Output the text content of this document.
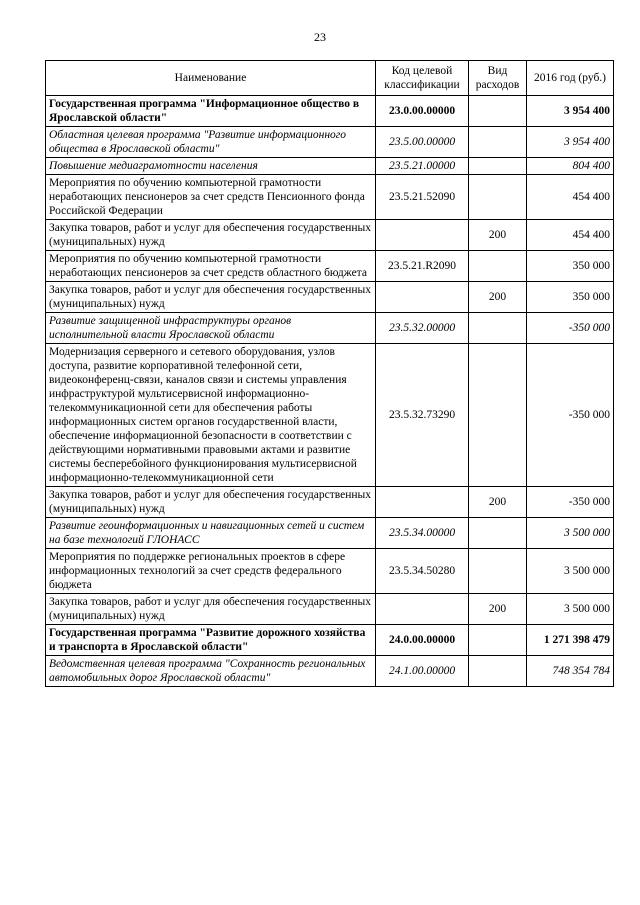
23
Наименование	Код целевой классификации	Вид расходов	2016 год (руб.)
Государственная программа "Информационное общество в Ярославской области"	23.0.00.00000		3 954 400
Областная целевая программа "Развитие информационного общества в Ярославской области"	23.5.00.00000		3 954 400
Повышение медиаграмотности населения	23.5.21.00000		804 400
Мероприятия по обучению компьютерной грамотности неработающих пенсионеров за счет средств Пенсионного фонда Российской Федерации	23.5.21.52090		454 400
Закупка товаров, работ и услуг для обеспечения государственных (муниципальных) нужд		200	454 400
Мероприятия по обучению компьютерной грамотности неработающих пенсионеров за счет средств областного бюджета	23.5.21.R2090		350 000
Закупка товаров, работ и услуг для обеспечения государственных (муниципальных) нужд		200	350 000
Развитие защищенной инфраструктуры органов исполнительной власти Ярославской области	23.5.32.00000		-350 000
Модернизация серверного и сетевого оборудования, узлов доступа, развитие корпоративной телефонной сети, видеоконференц-связи, каналов связи и системы управления инфраструктурой мультисервисной информационно-телекоммуникационной сети для обеспечения работы информационных систем органов государственной власти, обеспечение информационной безопасности в соответствии с действующими нормативными правовыми актами и развитие системы бесперебойного функционирования мультисервисной информационно-телекоммуникационной сети	23.5.32.73290		-350 000
Закупка товаров, работ и услуг для обеспечения государственных (муниципальных) нужд		200	-350 000
Развитие геоинформационных и навигационных сетей и систем на базе технологий ГЛОНАСС	23.5.34.00000		3 500 000
Мероприятия по поддержке региональных проектов в сфере информационных технологий за счет средств федерального бюджета	23.5.34.50280		3 500 000
Закупка товаров, работ и услуг для обеспечения государственных (муниципальных) нужд		200	3 500 000
Государственная программа "Развитие дорожного хозяйства и транспорта в Ярославской области"	24.0.00.00000		1 271 398 479
Ведомственная целевая программа "Сохранность региональных автомобильных дорог Ярославской области"	24.1.00.00000		748 354 784
